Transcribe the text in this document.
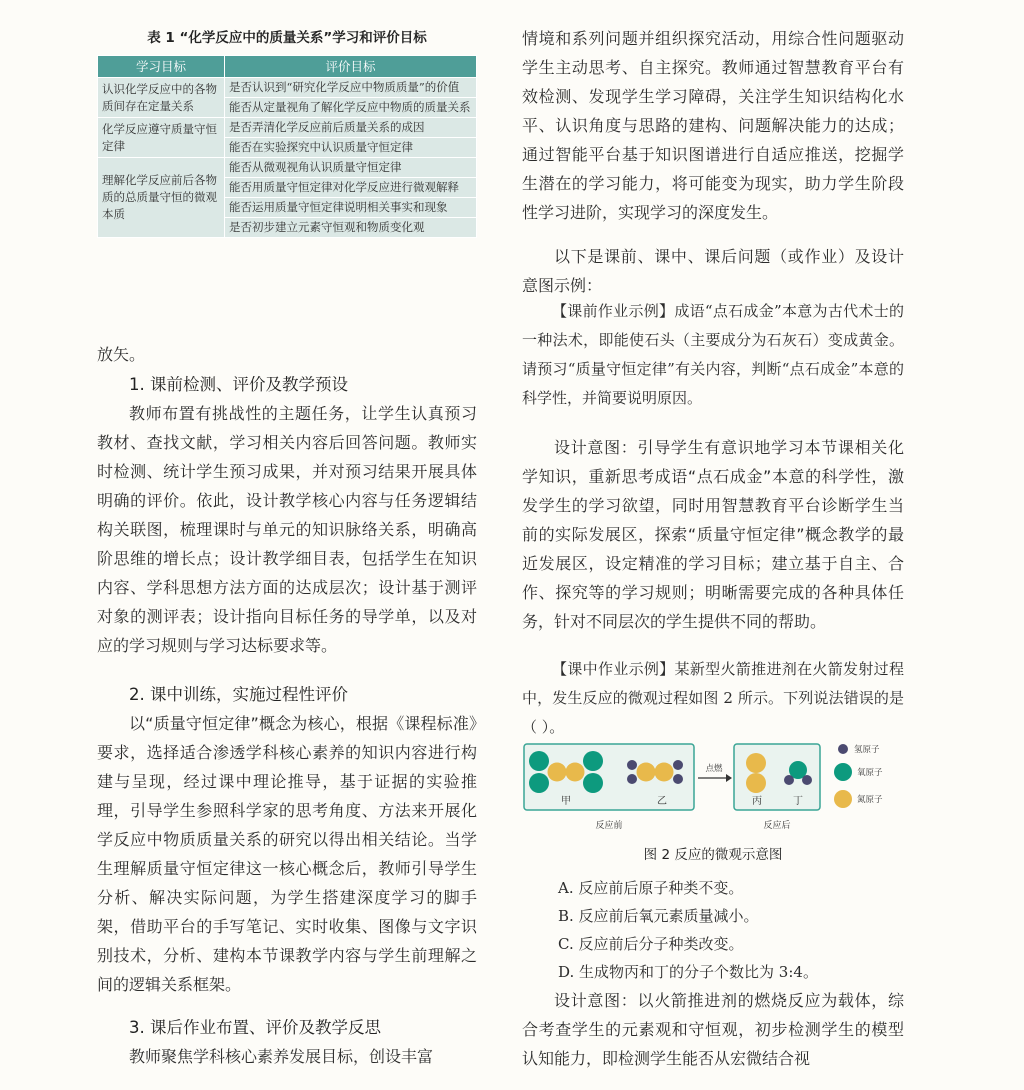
表 1 “化学反应中的质量关系”学习和评价目标
学习目标	评价目标
认识化学反应中的各物质间存在定量关系	是否认识到“研究化学反应中物质质量”的价值
	能否从定量视角了解化学反应中物质的质量关系
化学反应遵守质量守恒定律	是否弄清化学反应前后质量关系的成因
	能否在实验探究中认识质量守恒定律
理解化学反应前后各物质的总质量守恒的微观本质	能否从微观视角认识质量守恒定律
	能否用质量守恒定律对化学反应进行微观解释
	能否运用质量守恒定律说明相关事实和现象
	是否初步建立元素守恒观和物质变化观
放矢。
1. 课前检测、评价及教学预设
教师布置有挑战性的主题任务，让学生认真预习教材、查找文献，学习相关内容后回答问题。教师实时检测、统计学生预习成果，并对预习结果开展具体明确的评价。依此，设计教学核心内容与任务逻辑结构关联图，梳理课时与单元的知识脉络关系，明确高阶思维的增长点；设计教学细目表，包括学生在知识内容、学科思想方法方面的达成层次；设计基于测评对象的测评表；设计指向目标任务的导学单，以及对应的学习规则与学习达标要求等。
2. 课中训练，实施过程性评价
以“质量守恒定律”概念为核心，根据《课程标准》要求，选择适合渗透学科核心素养的知识内容进行构建与呈现，经过课中理论推导，基于证据的实验推理，引导学生参照科学家的思考角度、方法来开展化学反应中物质质量关系的研究以得出相关结论。当学生理解质量守恒定律这一核心概念后，教师引导学生分析、解决实际问题，为学生搭建深度学习的脚手架，借助平台的手写笔记、实时收集、图像与文字识别技术，分析、建构本节课教学内容与学生前理解之间的逻辑关系框架。
3. 课后作业布置、评价及教学反思
教师聚焦学科核心素养发展目标，创设丰富
情境和系列问题并组织探究活动，用综合性问题驱动学生主动思考、自主探究。教师通过智慧教育平台有效检测、发现学生学习障碍，关注学生知识结构化水平、认识角度与思路的建构、问题解决能力的达成；通过智能平台基于知识图谱进行自适应推送，挖掘学生潜在的学习能力，将可能变为现实，助力学生阶段性学习进阶，实现学习的深度发生。
以下是课前、课中、课后问题（或作业）及设计意图示例：
【课前作业示例】成语“点石成金”本意为古代术士的一种法术，即能使石头（主要成分为石灰石）变成黄金。请预习“质量守恒定律”有关内容，判断“点石成金”本意的科学性，并简要说明原因。
设计意图：引导学生有意识地学习本节课相关化学知识，重新思考成语“点石成金”本意的科学性，激发学生的学习欲望，同时用智慧教育平台诊断学生当前的实际发展区，探索“质量守恒定律”概念教学的最近发展区，设定精准的学习目标；建立基于自主、合作、探究等的学习规则；明晰需要完成的各种具体任务，针对不同层次的学生提供不同的帮助。
【课中作业示例】某新型火箭推进剂在火箭发射过程中，发生反应的微观过程如图 2 所示。下列说法错误的是（ ）。
甲	乙
点燃
丙	丁
氢原子
氧原子
氮原子
反应前	反应后
图 2 反应的微观示意图
A. 反应前后原子种类不变。
B. 反应前后氧元素质量减小。
C. 反应前后分子种类改变。
D. 生成物丙和丁的分子个数比为 3:4。
设计意图：以火箭推进剂的燃烧反应为载体，综合考查学生的元素观和守恒观，初步检测学生的模型认知能力，即检测学生能否从宏微结合视
